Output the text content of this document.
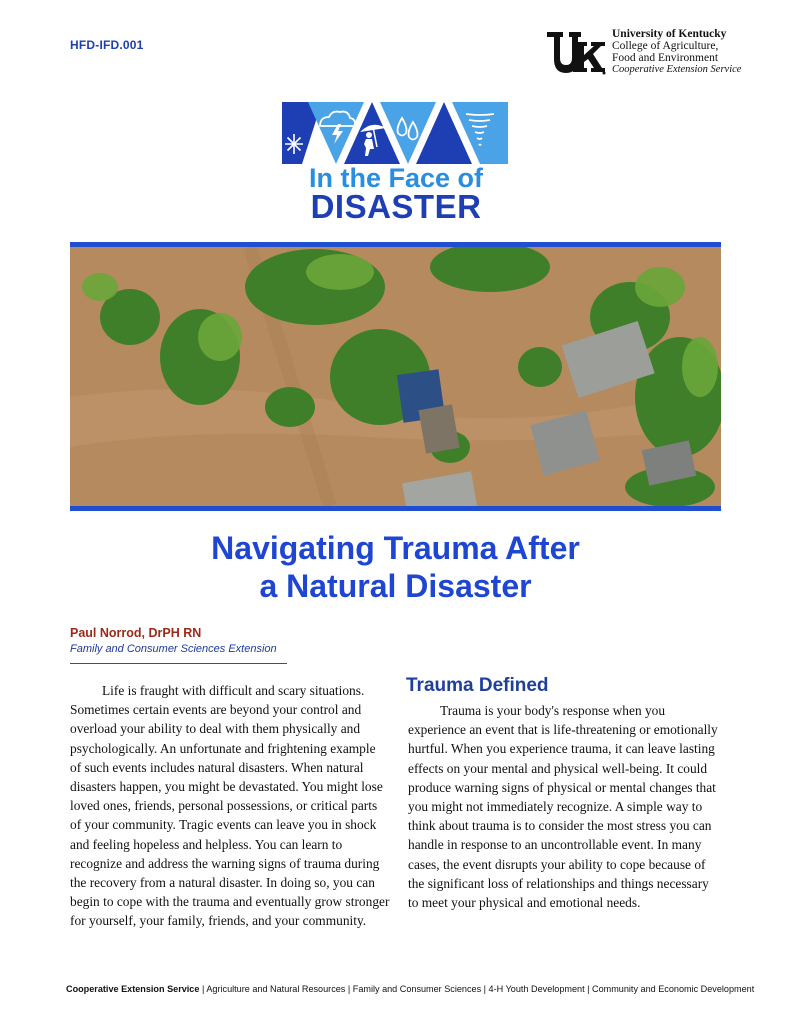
HFD-IFD.001
University of Kentucky
College of Agriculture,
Food and Environment
Cooperative Extension Service
In the Face of
DISASTER
Navigating Trauma After
a Natural Disaster
Paul Norrod, DrPH RN
Family and Consumer Sciences Extension

Life is fraught with difficult and scary situations. Sometimes certain events are beyond your control and overload your ability to deal with them physically and psychologically. An unfortunate and frightening example of such events includes natural disasters. When natural disasters happen, you might be devastated. You might lose loved ones, friends, personal possessions, or critical parts of your community. Tragic events can leave you in shock and feeling hopeless and helpless. You can learn to recognize and address the warning signs of trauma during the recovery from a natural disaster. In doing so, you can begin to cope with the trauma and eventually grow stronger for yourself, your family, friends, and your community.

Trauma Defined

Trauma is your body's response when you experience an event that is life-threatening or emotionally hurtful. When you experience trauma, it can leave lasting effects on your mental and physical well-being. It could produce warning signs of physical or mental changes that you might not immediately recognize. A simple way to think about trauma is to consider the most stress you can handle in response to an uncontrollable event. In many cases, the event disrupts your ability to cope because of the significant loss of relationships and things necessary to meet your physical and emotional needs.

Cooperative Extension Service | Agriculture and Natural Resources | Family and Consumer Sciences | 4-H Youth Development | Community and Economic Development
